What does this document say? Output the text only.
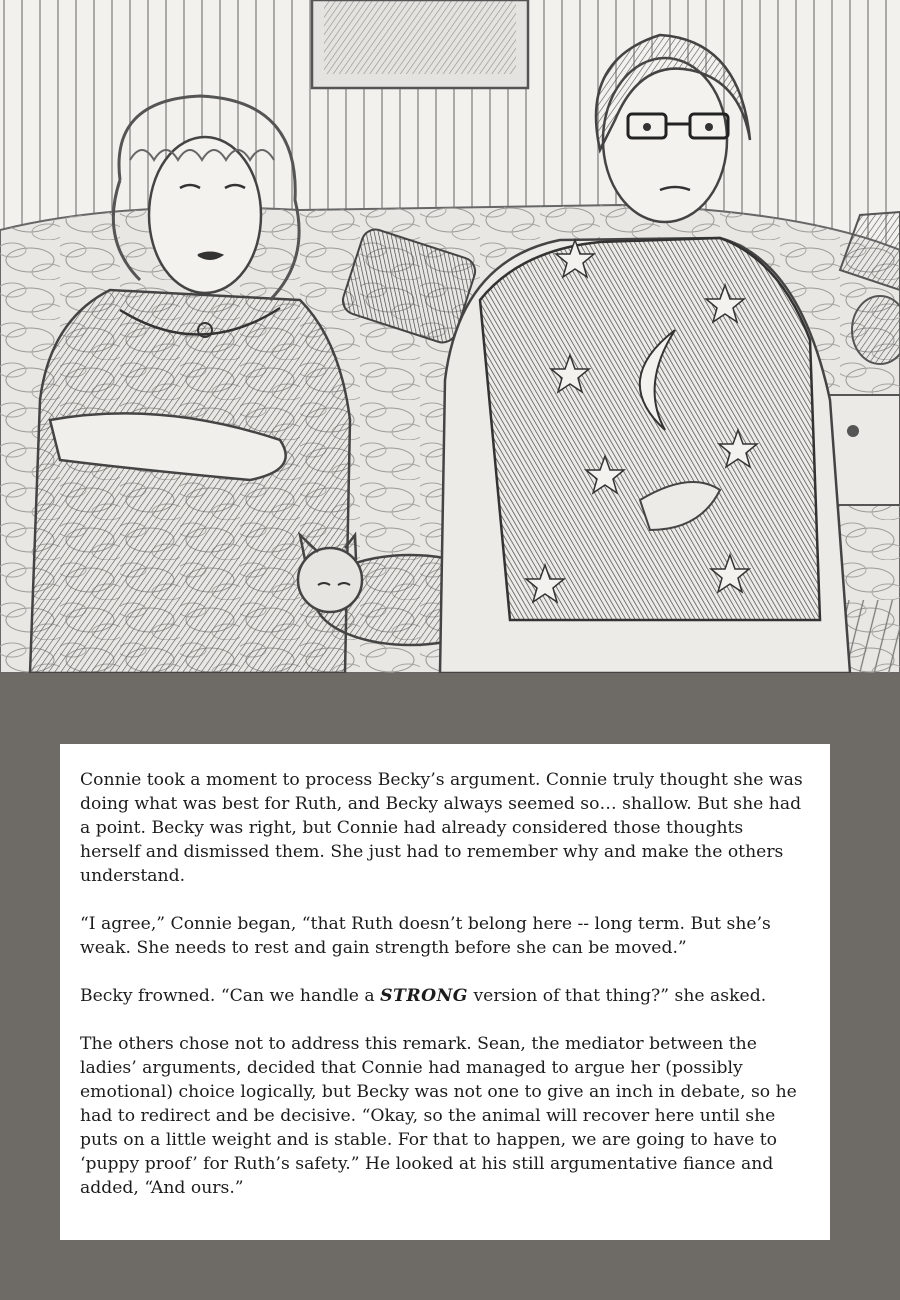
Connie took a moment to process Becky’s argument. Connie truly thought she was doing what was best for Ruth, and Becky always seemed so… shallow. But she had a point. Becky was right, but Connie had already considered those thoughts herself and dismissed them. She just had to remember why and make the others understand.

“I agree,” Connie began, “that Ruth doesn’t belong here -- long term. But she’s weak. She needs to rest and gain strength before she can be moved.”

Becky frowned. “Can we handle a STRONG version of that thing?” she asked.

The others chose not to address this remark. Sean, the mediator between the ladies’ arguments, decided that Connie had managed to argue her (possibly emotional) choice logically, but Becky was not one to give an inch in debate, so he had to redirect and be decisive. “Okay, so the animal will recover here until she puts on a little weight and is stable. For that to happen, we are going to have to ‘puppy proof’ for Ruth’s safety.” He looked at his still argumentative fiance and added, “And ours.”
